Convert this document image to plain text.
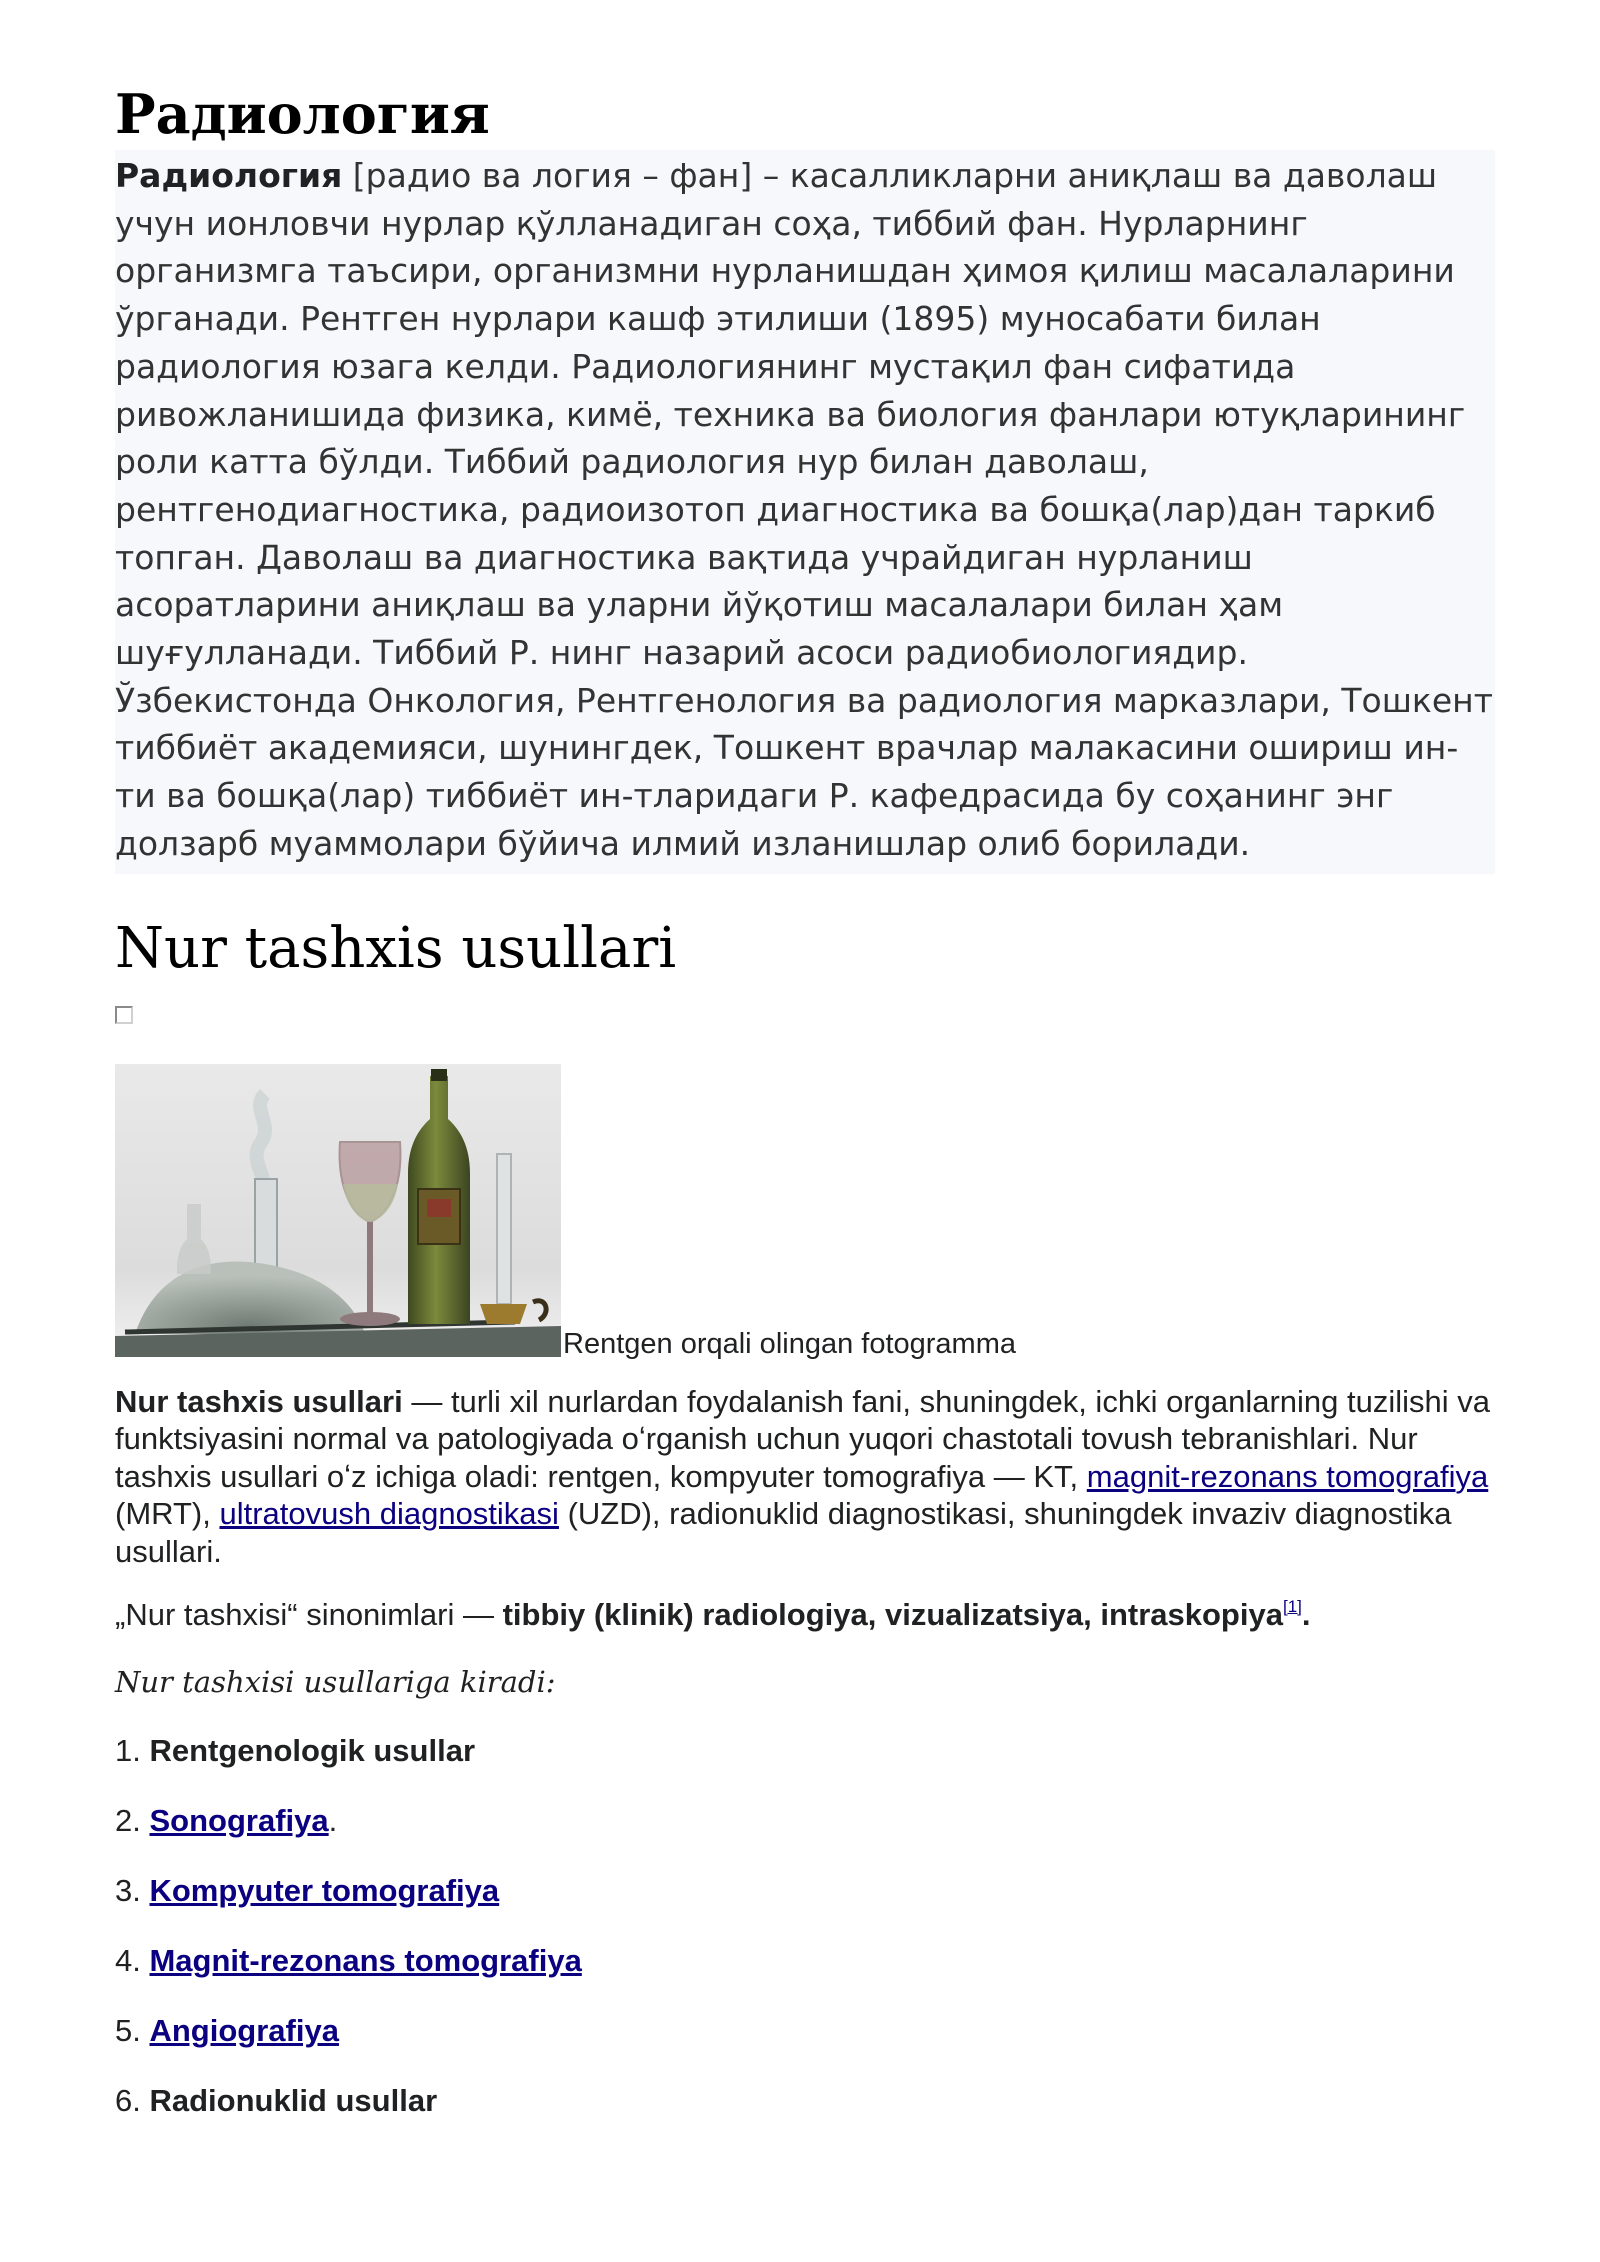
Радиология
Радиология [радио ва логия – фан] – касалликларни аниқлаш ва даволаш учун ионловчи нурлар қўлланадиган соҳа, тиббий фан. Нурларнинг организмга таъсири, организмни нурланишдан ҳимоя қилиш масалаларини ўрганади. Рентген нурлари кашф этилиши (1895) муносабати билан радиология юзага келди. Радиологиянинг мустақил фан сифатида ривожланишида физика, кимё, техника ва биология фанлари ютуқларининг роли катта бўлди. Тиббий радиология нур билан даволаш, рентгенодиагностика, радиоизотоп диагностика ва бошқа(лар)дан таркиб топган. Даволаш ва диагностика вақтида учрайдиган нурланиш асоратларини аниқлаш ва уларни йўқотиш масалалари билан ҳам шуғулланади. Тиббий Р. нинг назарий асоси радиобиологиядир. Ўзбекистонда Онкология, Рентгенология ва радиология марказлари, Тошкент тиббиёт академияси, шунингдек, Тошкент врачлар малакасини ошириш ин-ти ва бошқа(лар) тиббиёт ин-тларидаги Р. кафедрасида бу соҳанинг энг долзарб муаммолари бўйича илмий изланишлар олиб борилади.
Nur tashxis usullari
Rentgen orqali olingan fotogramma

Nur tashxis usullari — turli xil nurlardan foydalanish fani, shuningdek, ichki organlarning tuzilishi va funktsiyasini normal va patologiyada oʻrganish uchun yuqori chastotali tovush tebranishlari. Nur tashxis usullari oʻz ichiga oladi: rentgen, kompyuter tomografiya — KT, magnit-rezonans tomografiya (MRT), ultratovush diagnostikasi (UZD), radionuklid diagnostikasi, shuningdek invaziv diagnostika usullari.

„Nur tashxisi“ sinonimlari — tibbiy (klinik) radiologiya, vizualizatsiya, intraskopiya[1].

Nur tashxisi usullariga kiradi:

1. Rentgenologik usullar
2. Sonografiya.
3. Kompyuter tomografiya
4. Magnit-rezonans tomografiya
5. Angiografiya
6. Radionuklid usullar
